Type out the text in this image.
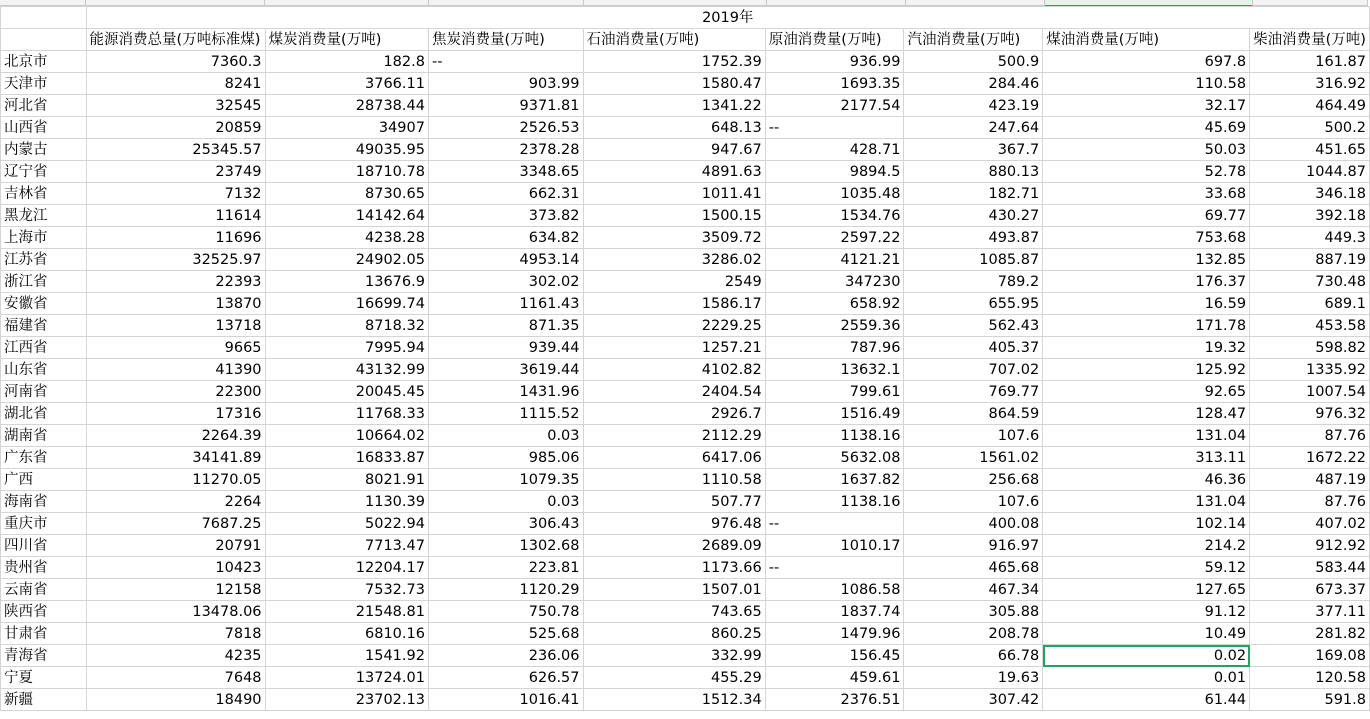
	2019年							
	能源消费总量(万吨标准煤)	煤炭消费量(万吨)	焦炭消费量(万吨)	石油消费量(万吨)	原油消费量(万吨)	汽油消费量(万吨)	煤油消费量(万吨)	柴油消费量(万吨)
北京市	7360.3	182.8	--	1752.39	936.99	500.9	697.8	161.87
天津市	8241	3766.11	903.99	1580.47	1693.35	284.46	110.58	316.92
河北省	32545	28738.44	9371.81	1341.22	2177.54	423.19	32.17	464.49
山西省	20859	34907	2526.53	648.13	--	247.64	45.69	500.2
内蒙古	25345.57	49035.95	2378.28	947.67	428.71	367.7	50.03	451.65
辽宁省	23749	18710.78	3348.65	4891.63	9894.5	880.13	52.78	1044.87
吉林省	7132	8730.65	662.31	1011.41	1035.48	182.71	33.68	346.18
黑龙江	11614	14142.64	373.82	1500.15	1534.76	430.27	69.77	392.18
上海市	11696	4238.28	634.82	3509.72	2597.22	493.87	753.68	449.3
江苏省	32525.97	24902.05	4953.14	3286.02	4121.21	1085.87	132.85	887.19
浙江省	22393	13676.9	302.02	2549	347230	789.2	176.37	730.48
安徽省	13870	16699.74	1161.43	1586.17	658.92	655.95	16.59	689.1
福建省	13718	8718.32	871.35	2229.25	2559.36	562.43	171.78	453.58
江西省	9665	7995.94	939.44	1257.21	787.96	405.37	19.32	598.82
山东省	41390	43132.99	3619.44	4102.82	13632.1	707.02	125.92	1335.92
河南省	22300	20045.45	1431.96	2404.54	799.61	769.77	92.65	1007.54
湖北省	17316	11768.33	1115.52	2926.7	1516.49	864.59	128.47	976.32
湖南省	2264.39	10664.02	0.03	2112.29	1138.16	107.6	131.04	87.76
广东省	34141.89	16833.87	985.06	6417.06	5632.08	1561.02	313.11	1672.22
广西	11270.05	8021.91	1079.35	1110.58	1637.82	256.68	46.36	487.19
海南省	2264	1130.39	0.03	507.77	1138.16	107.6	131.04	87.76
重庆市	7687.25	5022.94	306.43	976.48	--	400.08	102.14	407.02
四川省	20791	7713.47	1302.68	2689.09	1010.17	916.97	214.2	912.92
贵州省	10423	12204.17	223.81	1173.66	--	465.68	59.12	583.44
云南省	12158	7532.73	1120.29	1507.01	1086.58	467.34	127.65	673.37
陕西省	13478.06	21548.81	750.78	743.65	1837.74	305.88	91.12	377.11
甘肃省	7818	6810.16	525.68	860.25	1479.96	208.78	10.49	281.82
青海省	4235	1541.92	236.06	332.99	156.45	66.78	0.02	169.08
宁夏	7648	13724.01	626.57	455.29	459.61	19.63	0.01	120.58
新疆	18490	23702.13	1016.41	1512.34	2376.51	307.42	61.44	591.8
